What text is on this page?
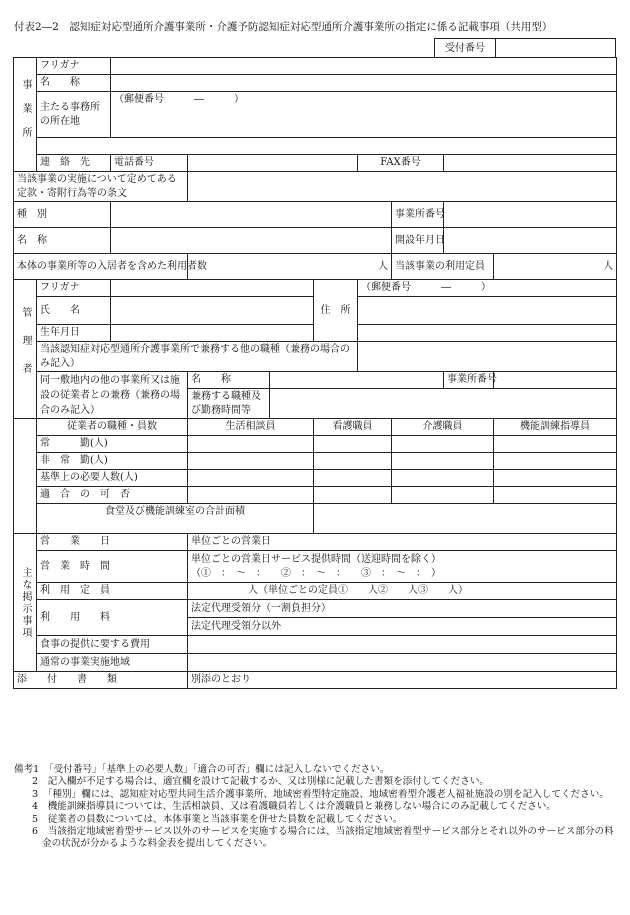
付表2―2　認知症対応型通所介護事業所・介護予防認知症対応型通所介護事業所の指定に係る記載事項（共用型）
受付番号
事業所	フリガナ								
	名　　称								
	主たる事務所の所在地	（郵便番号　　　―　　　）							

	連　絡　先	電話番号				FAX番号			
当該事業の実施について定めてある定款・寄附行為等の条文									
種　別							事業所番号		
名　称							開設年月日		
本体の事業所等の入居者を含めた利用者数			人				当該事業の利用定員		人

管理者	フリガナ				住　所	（郵便番号　　　―　　　）			
	氏　　名								
	生年月日								
	当該認知症対応型通所介護事業所で兼務する他の職種（兼務の場合のみ記入）								
	同一敷地内の他の事業所又は施設の従業者との兼務（兼務の場合のみ記入）		名　　称					事業所番号	
			兼務する職種及び勤務時間等						
	従業者の職種・員数		生活相談員		看護職員		介護職員		機能訓練指導員
	常　　　勤(人)								
	非　常　勤(人)								
	基準上の必要人数(人)								
	適　合　の　可　否								
	食堂及び機能訓練室の合計面積								

主な掲示事項	営　　業　　日		単位ごとの営業日						
	営　業　時　間		単位ごとの営業日サービス提供時間（送迎時間を除く）
（①　：　～　：　　②　：　～　：　　③　：　～　：　）						

	利　用　定　員		人（単位ごとの定員①　　人②　　人③　　人）						
	利　　用　　料		法定代理受領分（一割負担分）						
			法定代理受領分以外						
	食事の提供に要する費用								
	通常の事業実施地域								

添　　付　　書　　類			別添のとおり						
備考1　「受付番号」「基準上の必要人数」「適合の可否」欄には記入しないでください。
2　記入欄が不足する場合は、適宜欄を設けて記載するか、又は別様に記載した書類を添付してください。
3　「種別」欄には、認知症対応型共同生活介護事業所、地域密着型特定施設、地域密着型介護老人福祉施設の別を記入してください。
4　機能訓練指導員については、生活相談員、又は看護職員若しくは介護職員と兼務しない場合にのみ記載してください。
5　従業者の員数については、本体事業と当該事業を併せた員数を記載してください。
6　当該指定地域密着型サービス以外のサービスを実施する場合には、当該指定地域密着型サービス部分とそれ以外のサービス部分の料金の状況が分かるような料金表を提出してください。
